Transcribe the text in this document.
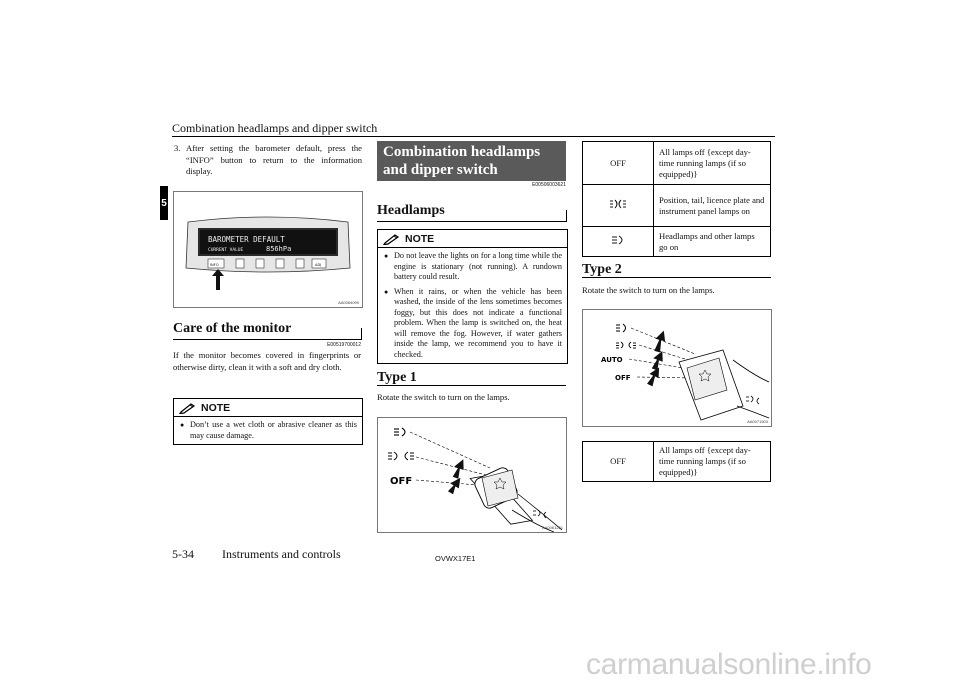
Combination headlamps and dipper switch
5
3. After setting the barometer default, press the “INFO” button to return to the information display.
BAROMETER DEFAULT
CURRENT VALUE	856hPa
INFO	ADJ
AA0064099
Care of the monitor
E00519700012
If the monitor becomes covered in fingerprints or otherwise dirty, clean it with a soft and dry cloth.
NOTE
● Don’t use a wet cloth or abrasive cleaner as this may cause damage.
Combination headlamps and dipper switch
E00506003621
Headlamps
NOTE
● Do not leave the lights on for a long time while the engine is stationary (not running). A rundown battery could result.
● When it rains, or when the vehicle has been washed, the inside of the lens sometimes becomes foggy, but this does not indicate a functional problem. When the lamp is switched on, the heat will remove the fog. However, if water gathers inside the lamp, we recommend you to have it checked.
Type 1
Rotate the switch to turn on the lamps.
OFF
AA0061221
OFF	All lamps off {except day-time running lamps (if so equipped)}
	Position, tail, licence plate and instrument panel lamps on
	Headlamps and other lamps go on
Type 2
Rotate the switch to turn on the lamps.
AUTO
OFF
AA0071503
OFF	All lamps off {except day-time running lamps (if so equipped)}
5-34 Instruments and controls	OVWX17E1
carmanualsonline.info
